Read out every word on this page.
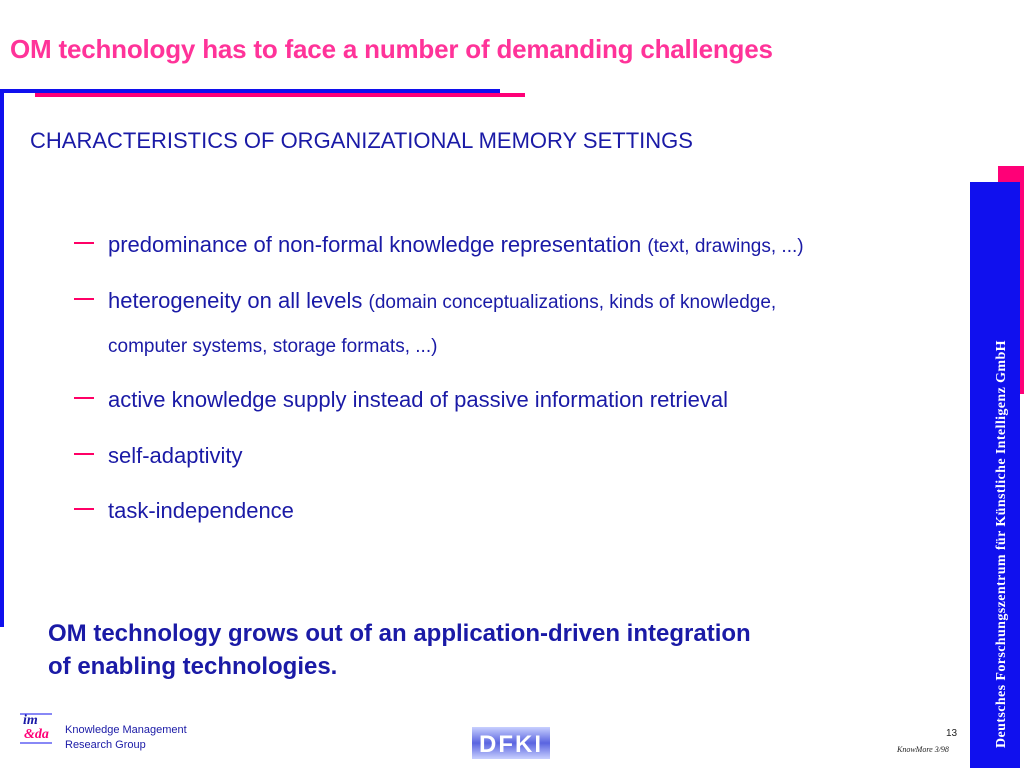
OM technology has to face a number of demanding challenges
CHARACTERISTICS OF ORGANIZATIONAL MEMORY SETTINGS
predominance of non-formal knowledge representation (text, drawings, ...)
heterogeneity on all levels (domain conceptualizations, kinds of knowledge,
computer systems, storage formats, ...)
active knowledge supply instead of passive information retrieval
self-adaptivity
task-independence
OM technology grows out of an application-driven integration
of enabling technologies.	Deutsches Forschungszentrum für Künstliche Intelligenz GmbH
im
&da Knowledge Management
Research Group	DFKI	13
KnowMore 3/98
